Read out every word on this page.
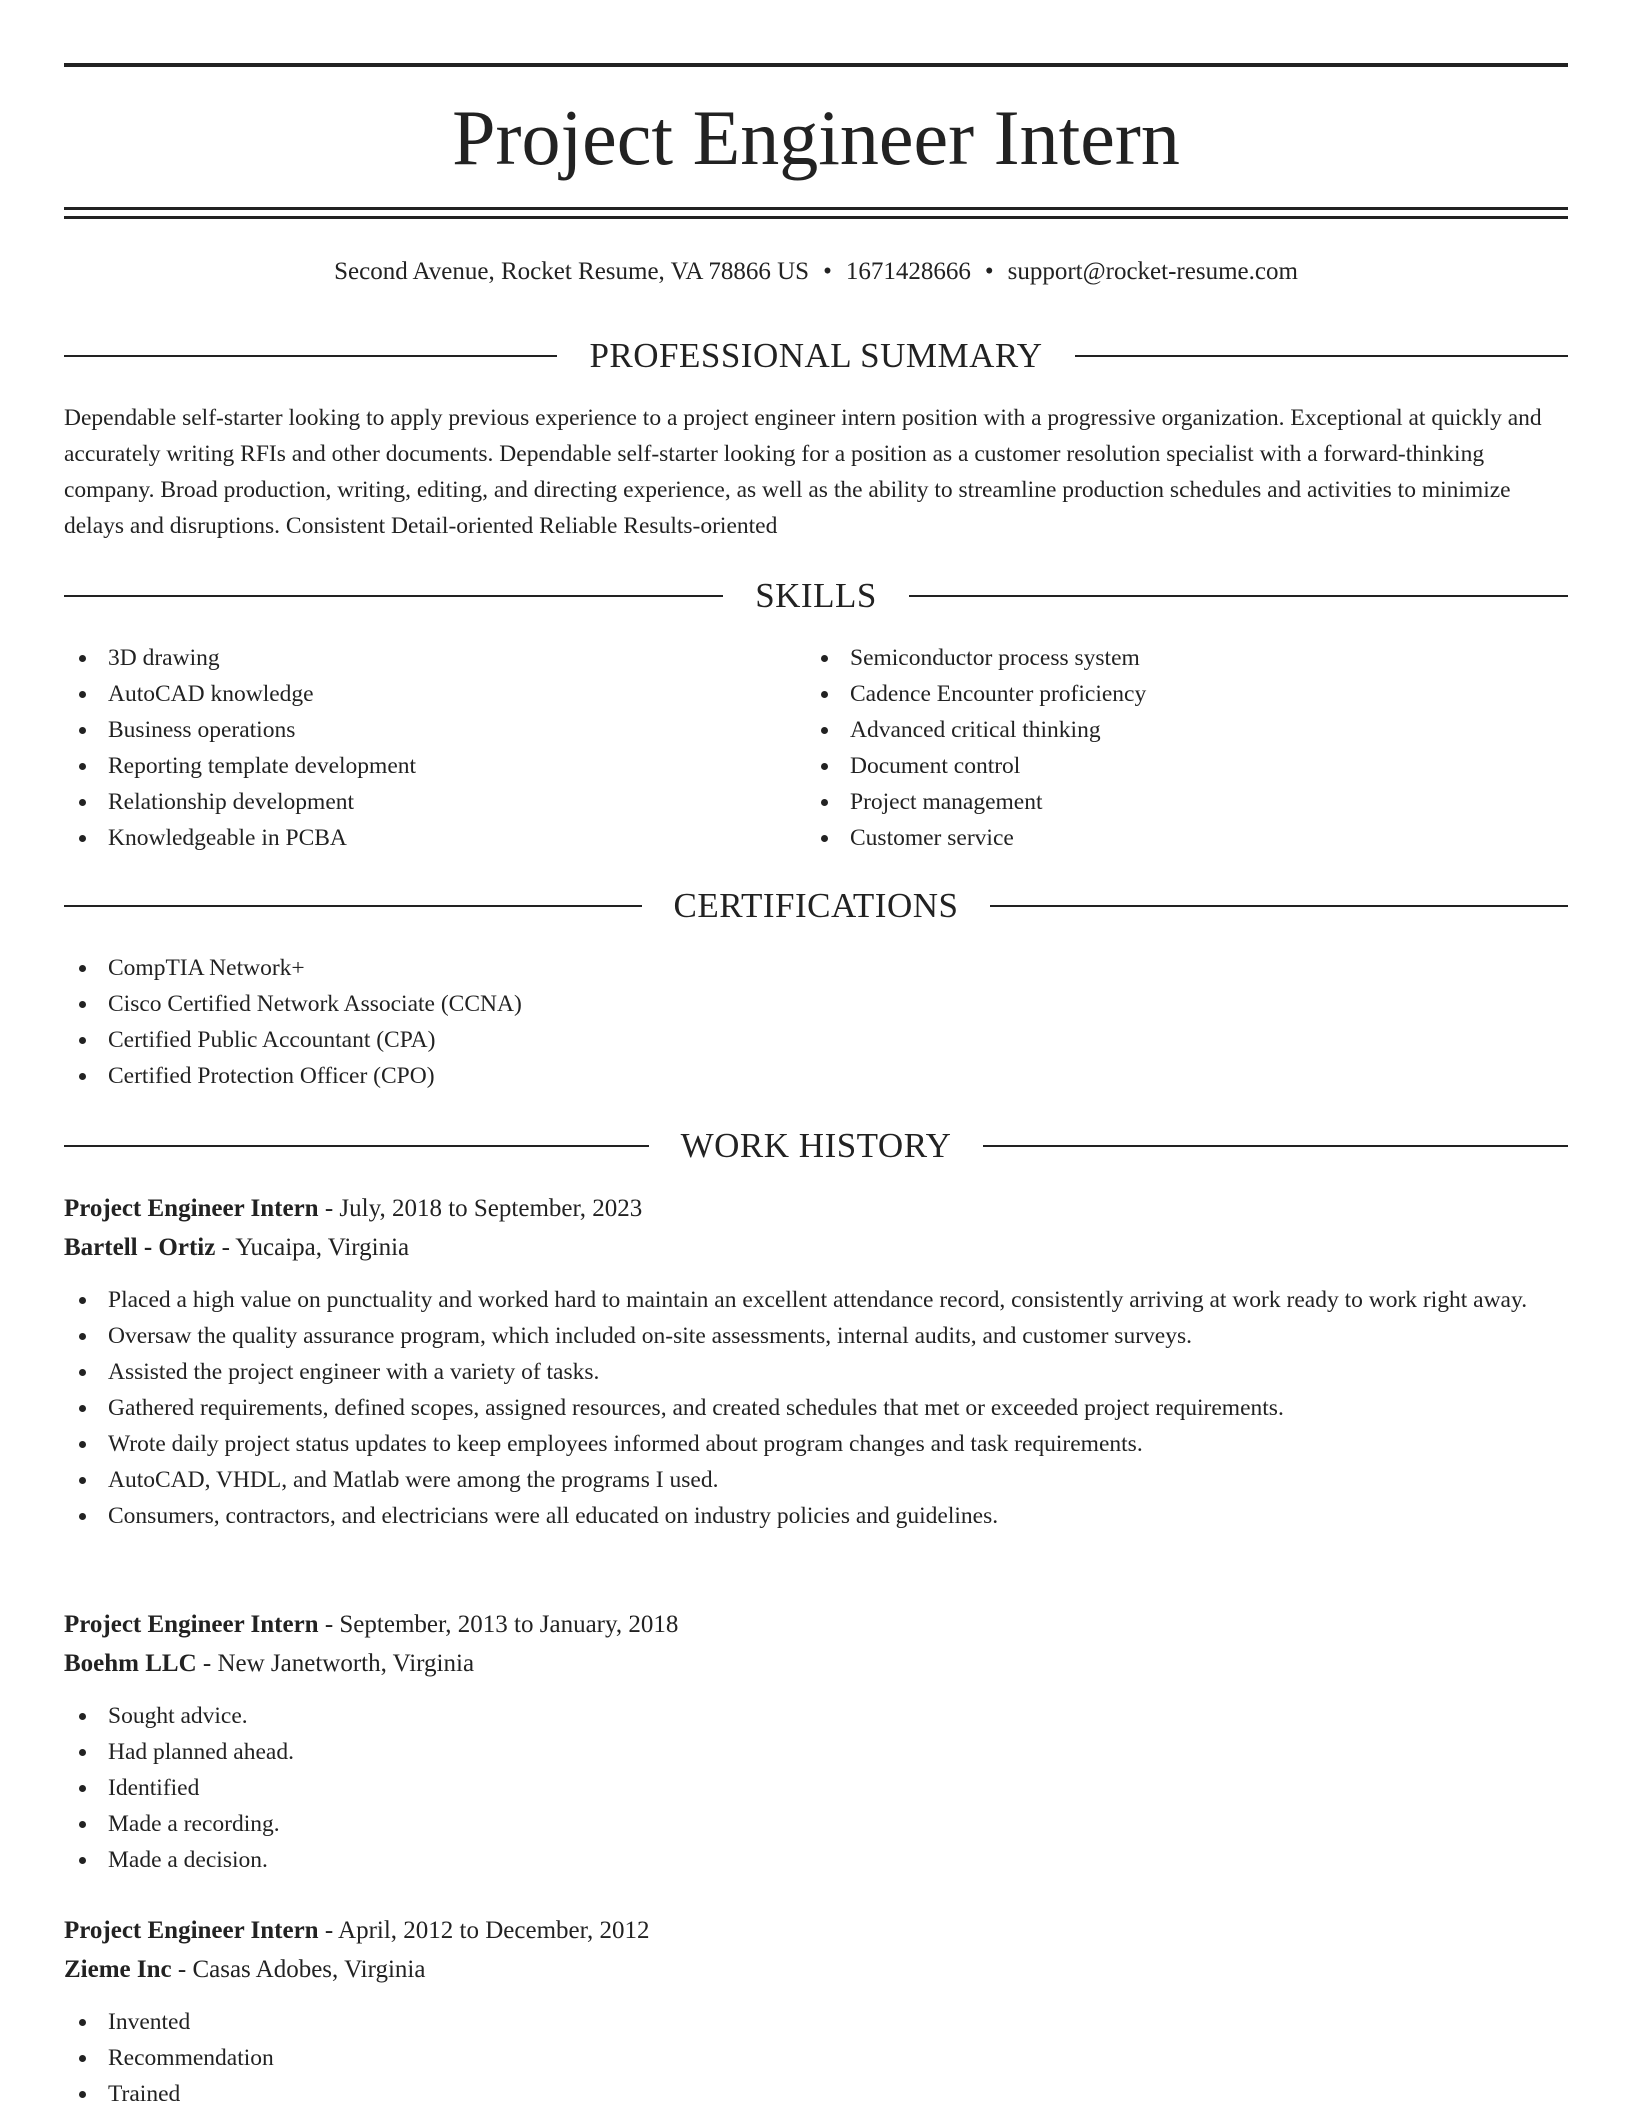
Project Engineer Intern
Second Avenue, Rocket Resume, VA 78866 US • 1671428666 • support@rocket-resume.com
PROFESSIONAL SUMMARY

Dependable self-starter looking to apply previous experience to a project engineer intern position with a progressive organization. Exceptional at quickly and accurately writing RFIs and other documents. Dependable self-starter looking for a position as a customer resolution specialist with a forward-thinking company. Broad production, writing, editing, and directing experience, as well as the ability to streamline production schedules and activities to minimize delays and disruptions. Consistent Detail-oriented Reliable Results-oriented

SKILLS
3D drawing
AutoCAD knowledge
Business operations
Reporting template development
Relationship development
Knowledgeable in PCBA
Semiconductor process system
Cadence Encounter proficiency
Advanced critical thinking
Document control
Project management
Customer service
CERTIFICATIONS
CompTIA Network+
Cisco Certified Network Associate (CCNA)
Certified Public Accountant (CPA)
Certified Protection Officer (CPO)
WORK HISTORY
Project Engineer Intern - July, 2018 to September, 2023
Bartell - Ortiz - Yucaipa, Virginia
Placed a high value on punctuality and worked hard to maintain an excellent attendance record, consistently arriving at work ready to work right away.
Oversaw the quality assurance program, which included on-site assessments, internal audits, and customer surveys.
Assisted the project engineer with a variety of tasks.
Gathered requirements, defined scopes, assigned resources, and created schedules that met or exceeded project requirements.
Wrote daily project status updates to keep employees informed about program changes and task requirements.
AutoCAD, VHDL, and Matlab were among the programs I used.
Consumers, contractors, and electricians were all educated on industry policies and guidelines.
Project Engineer Intern - September, 2013 to January, 2018
Boehm LLC - New Janetworth, Virginia
Sought advice.
Had planned ahead.
Identified
Made a recording.
Made a decision.
Project Engineer Intern - April, 2012 to December, 2012
Zieme Inc - Casas Adobes, Virginia
Invented
Recommendation
Trained
